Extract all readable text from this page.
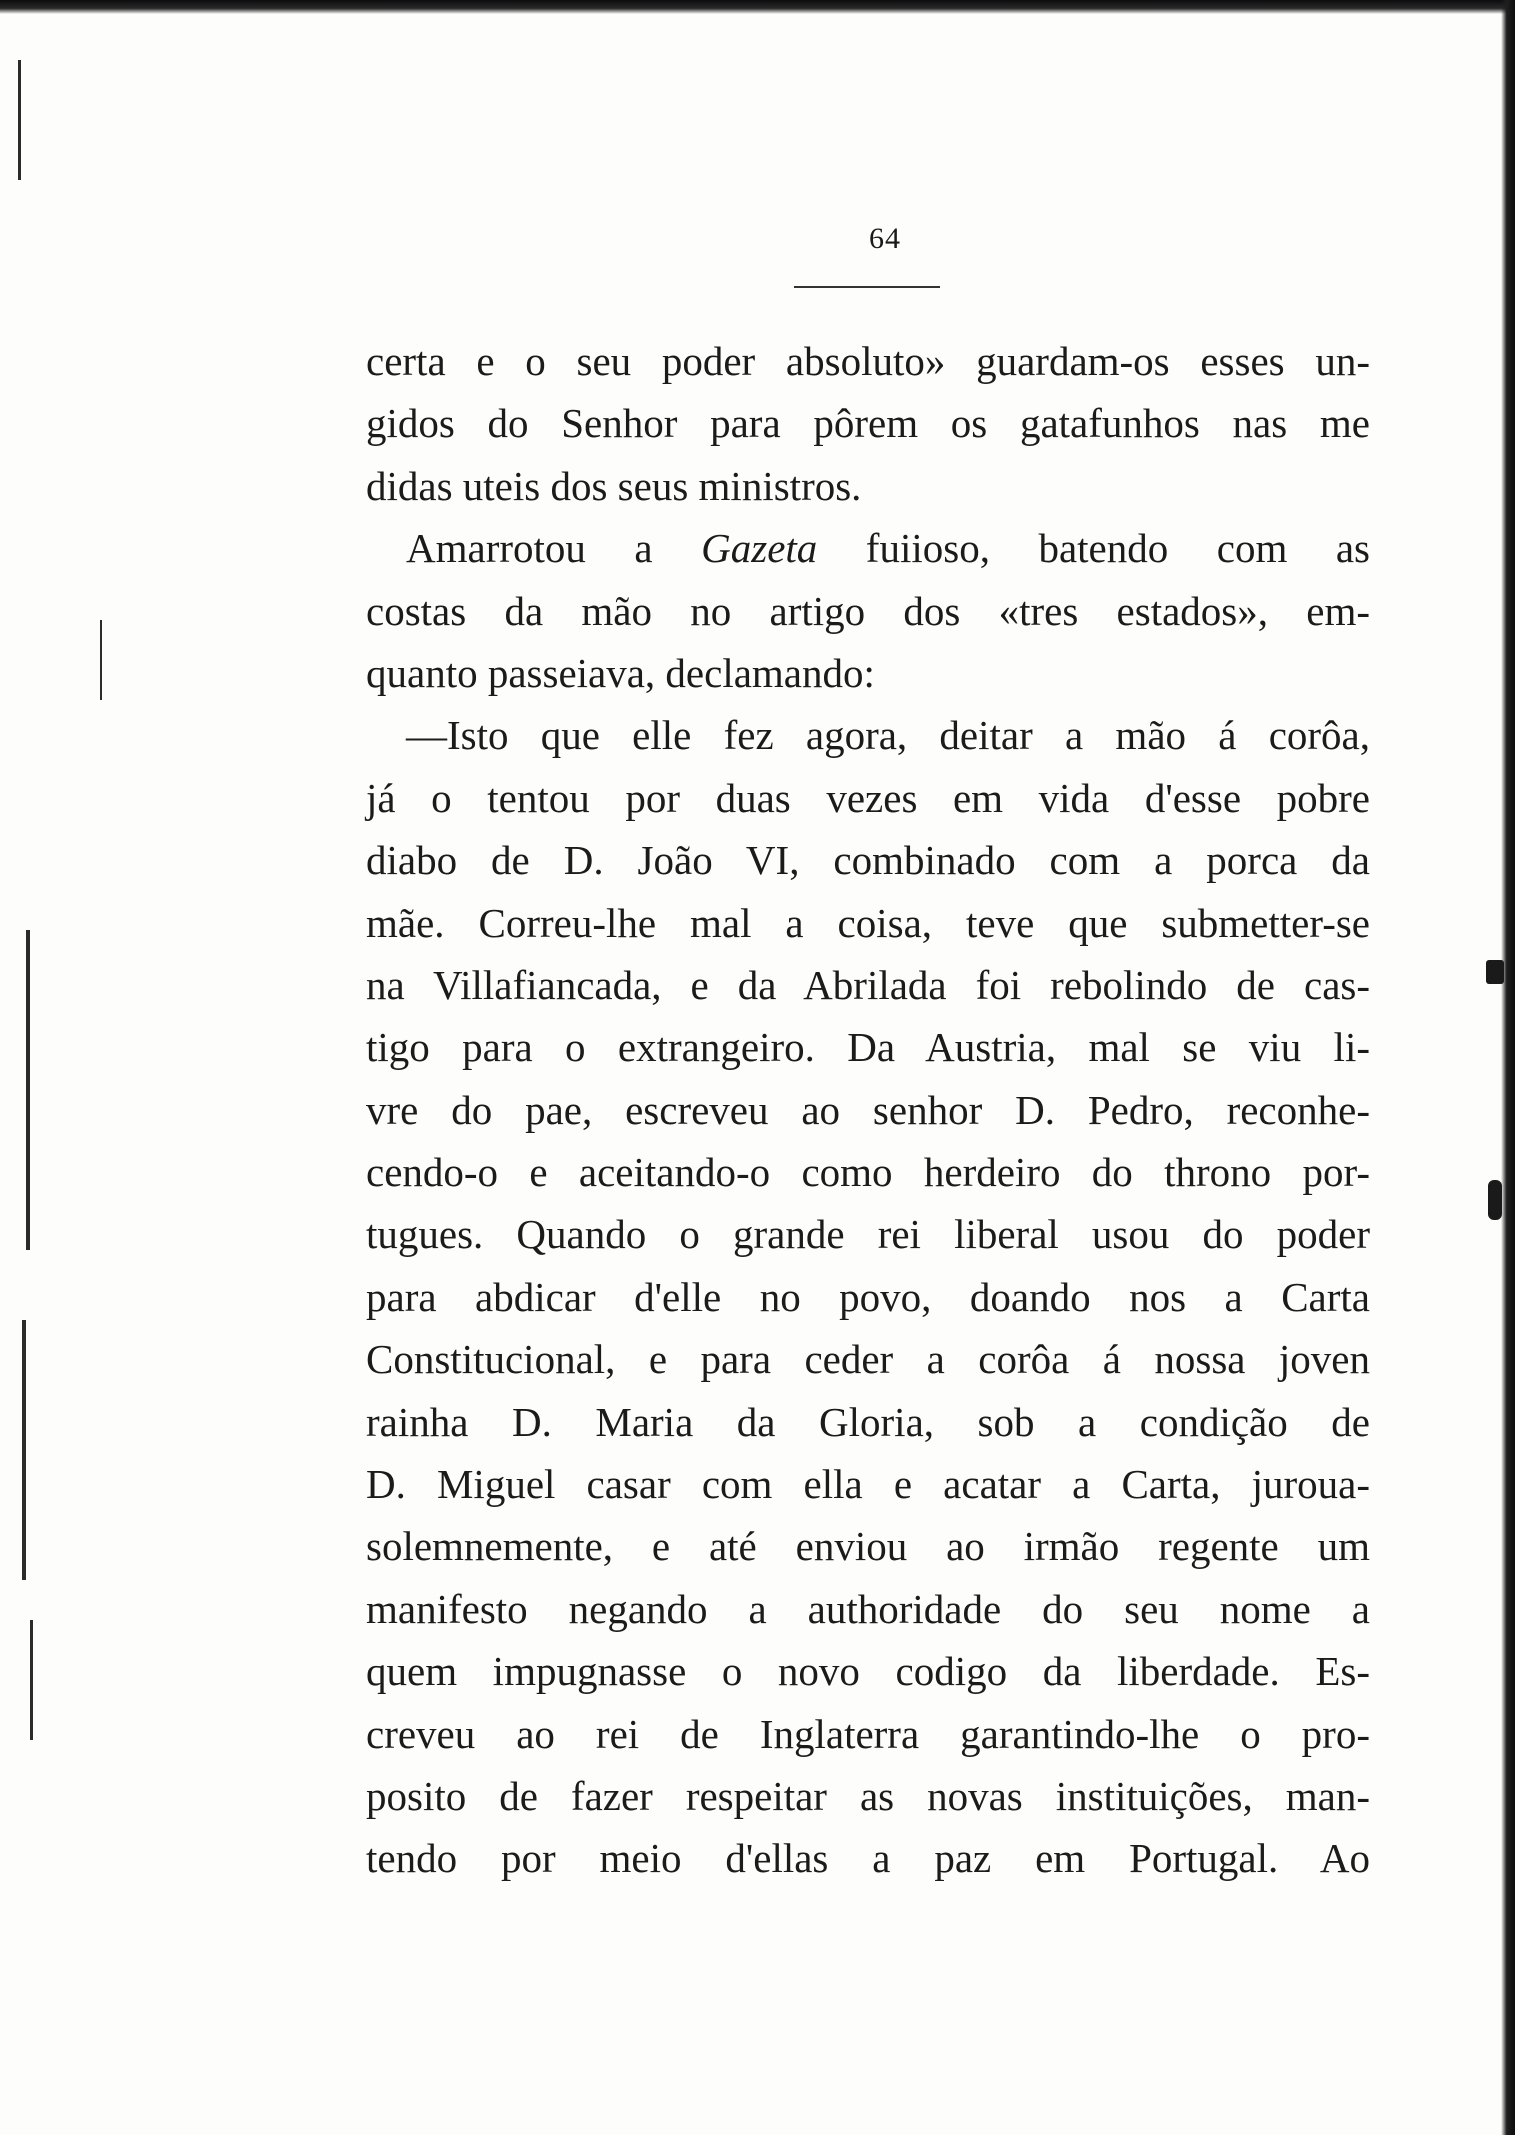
64
certa e o seu poder absoluto» guardam-os esses un-
gidos do Senhor para pôrem os gatafunhos nas me
didas uteis dos seus ministros.
Amarrotou a Gazeta fuiioso, batendo com as
costas da mão no artigo dos «tres estados», em-
quanto passeiava, declamando:
—Isto que elle fez agora, deitar a mão á corôa,
já o tentou por duas vezes em vida d'esse pobre
diabo de D. João VI, combinado com a porca da
mãe. Correu-lhe mal a coisa, teve que submetter-se
na Villafiancada, e da Abrilada foi rebolindo de cas-
tigo para o extrangeiro. Da Austria, mal se viu li-
vre do pae, escreveu ao senhor D. Pedro, reconhe-
cendo-o e aceitando-o como herdeiro do throno por-
tugues. Quando o grande rei liberal usou do poder
para abdicar d'elle no povo, doando nos a Carta
Constitucional, e para ceder a corôa á nossa joven
rainha D. Maria da Gloria, sob a condição de
D. Miguel casar com ella e acatar a Carta, juroua-
solemnemente, e até enviou ao irmão regente um
manifesto negando a authoridade do seu nome a
quem impugnasse o novo codigo da liberdade. Es-
creveu ao rei de Inglaterra garantindo-lhe o pro-
posito de fazer respeitar as novas instituições, man-
tendo por meio d'ellas a paz em Portugal. Ao
